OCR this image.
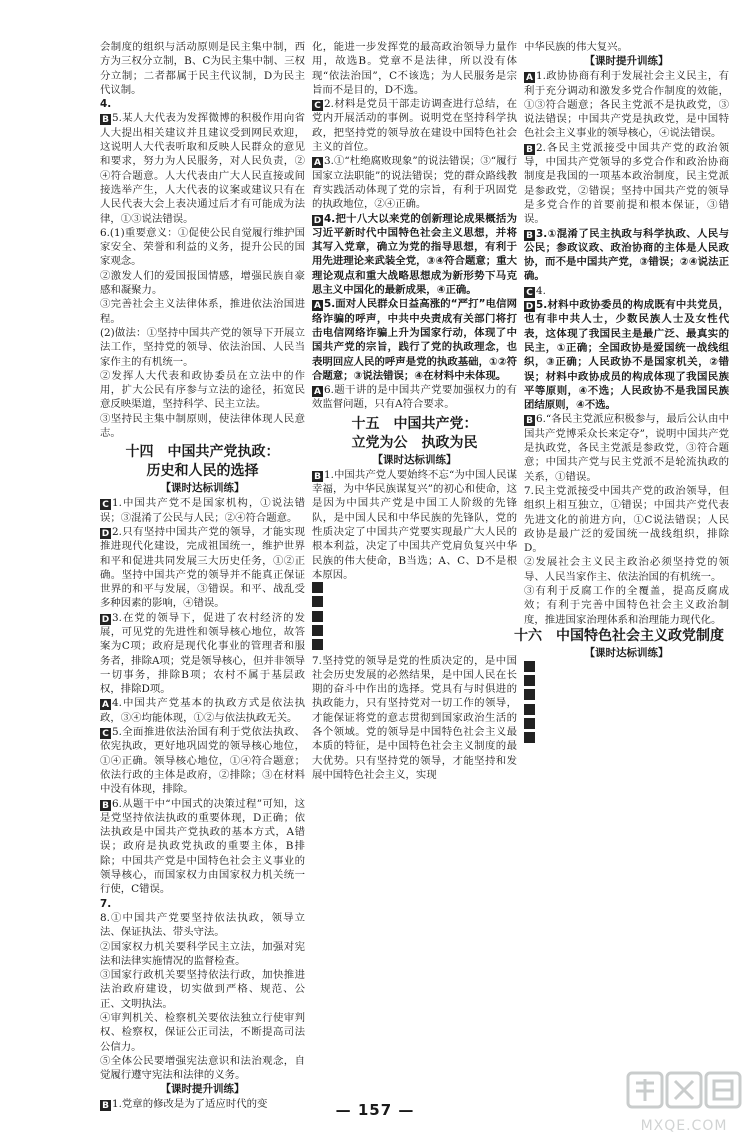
会制度的组织与活动原则是民主集中制，西方为三权分立制，B、C为民主集中制、三权分立制；二者都属于民主代议制，D为民主代议制。

4.

B 5.某人大代表为发挥微博的积极作用向省人大提出相关建议并且建议受到网民欢迎，这说明人大代表听取和反映人民群众的意见和要求，努力为人民服务，对人民负责，②④符合题意。人大代表由广大人民直接或间接选举产生，人大代表的议案或建议只有在人民代表大会上表决通过后才有可能成为法律，①③说法错误。

6.(1)重要意义：①促使公民自觉履行维护国家安全、荣誉和利益的义务，提升公民的国家观念。

②激发人们的爱国报国情感，增强民族自豪感和凝聚力。

③完善社会主义法律体系，推进依法治国进程。

(2)做法：①坚持中国共产党的领导下开展立法工作，坚持党的领导、依法治国、人民当家作主的有机统一。

②发挥人大代表和政协委员在立法中的作用，扩大公民有序参与立法的途径，拓宽民意反映渠道，坚持科学、民主立法。

③坚持民主集中制原则，使法律体现人民意志。

十四　中国共产党执政：
历史和人民的选择
【课时达标训练】

C 1.中国共产党不是国家机构，①说法错误；③混淆了公民与人民；②④符合题意。

D 2.只有坚持中国共产党的领导，才能实现推进现代化建设，完成祖国统一，维护世界和平和促进共同发展三大历史任务，①②正确。坚持中国共产党的领导并不能真正保证世界的和平与发展，③错误。和平、战乱受多种因素的影响，④错误。

D 3.在党的领导下，促进了农村经济的发展，可见党的先进性和领导核心地位，故答案为C项；政府是现代化事业的管理者和服务者，排除A项；党是领导核心，但并非领导一切事务，排除B项；农村不属于基层政权，排除D项。

A 4.中国共产党基本的执政方式是依法执政，③④均能体现，①②与依法执政无关。

C 5.全面推进依法治国有利于党依法执政、依宪执政，更好地巩固党的领导核心地位，①④正确。领导核心地位，①④符合题意；依法行政的主体是政府，②排除；③在材料中没有体现，排除。

B 6.从题干中“中国式的决策过程”可知，这是党坚持依法执政的重要体现，D正确；依法执政是中国共产党执政的基本方式，A错误；政府是执政党执政的重要主体，B排除；中国共产党是中国特色社会主义事业的领导核心，而国家权力由国家权力机关统一行使，C错误。

7.

8.①中国共产党要坚持依法执政，领导立法、保证执法、带头守法。

②国家权力机关要科学民主立法，加强对宪法和法律实施情况的监督检查。

③国家行政机关要坚持依法行政，加快推进法治政府建设，切实做到严格、规范、公正、文明执法。

④审判机关、检察机关要依法独立行使审判权、检察权，保证公正司法，不断提高司法公信力。

⑤全体公民要增强宪法意识和法治观念，自觉履行遵守宪法和法律的义务。

【课时提升训练】

B 1.党章的修改是为了适应时代的变

化，能进一步发挥党的最高政治领导力量作用，故选B。党章不是法律，所以没有体现“依法治国”，C不该选；为人民服务是宗旨而不是目的，D不选。

C 2.材料是党员干部走访调查进行总结，在党内开展活动的事例。说明党在坚持科学执政，把坚持党的领导放在建设中国特色社会主义的首位。

A 3.①“杜绝腐败现象”的说法错误；③“履行国家立法职能”的说法错误；党的群众路线教育实践活动体现了党的宗旨，有利于巩固党的执政地位，②④正确。

D 4.把十八大以来党的创新理论成果概括为习近平新时代中国特色社会主义思想，并将其写入党章，确立为党的指导思想，有利于用先进理论来武装全党，③④符合题意；重大理论观点和重大战略思想成为新形势下马克思主义中国化的最新成果，④正确。

A 5.面对人民群众日益高涨的“严打”电信网络诈骗的呼声，中共中央责成有关部门将打击电信网络诈骗上升为国家行动，体现了中国共产党的宗旨，践行了党的执政理念，也表明回应人民的呼声是党的执政基础，①②符合题意；③说法错误；④在材料中未体现。

A 6.题干讲的是中国共产党要加强权力的有效监督问题，只有A符合要求。

十五　中国共产党：
立党为公　执政为民
【课时达标训练】

B 1.中国共产党人要始终不忘“为中国人民谋幸福，为中华民族谋复兴”的初心和使命，这是因为中国共产党是中国工人阶级的先锋队，是中国人民和中华民族的先锋队，党的性质决定了中国共产党要实现最广大人民的根本利益，决定了中国共产党肩负复兴中华民族的伟大使命，B当选；A、C、D不是根本原因。

7.坚持党的领导是党的性质决定的，是中国社会历史发展的必然结果，是中国人民在长期的奋斗中作出的选择。党具有与时俱进的执政能力，只有坚持党对一切工作的领导，才能保证将党的意志贯彻到国家政治生活的各个领域。党的领导是中国特色社会主义最本质的特征，是中国特色社会主义制度的最大优势。只有坚持党的领导，才能坚持和发展中国特色社会主义，实现

中华民族的伟大复兴。

【课时提升训练】

A 1.政协协商有利于发展社会主义民主，有利于充分调动和激发多党合作制度的效能，①③符合题意；各民主党派不是执政党，③说法错误；中国共产党是执政党，是中国特色社会主义事业的领导核心，④说法错误。

B 2.各民主党派接受中国共产党的政治领导，中国共产党领导的多党合作和政治协商制度是我国的一项基本政治制度，民主党派是参政党，②错误；坚持中国共产党的领导是多党合作的首要前提和根本保证，③错误。

B 3.①混淆了民主执政与科学执政、人民与公民；参政议政、政治协商的主体是人民政协，而不是中国共产党，③错误；②④说法正确。

C 4.

D 5.材料中政协委员的构成既有中共党员，也有非中共人士，少数民族人士及女性代表，这体现了我国民主是最广泛、最真实的民主，①正确；全国政协是爱国统一战线组织，③正确；人民政协不是国家机关，②错误；材料中政协成员的构成体现了我国民族平等原则，④不选；人民政协不是我国民族团结原则，④不选。

B 6.“各民主党派应积极参与，最后公认由中国共产党博采众长来定夺”，说明中国共产党是执政党，各民主党派是参政党，③符合题意；中国共产党与民主党派不是轮流执政的关系，①错误。

7.民主党派接受中国共产党的政治领导，但组织上相互独立，①错误；中国共产党代表先进文化的前进方向，①C说法错误；人民政协是最广泛的爱国统一战线组织，排除D。

②发展社会主义民主政治必须坚持党的领导、人民当家作主、依法治国的有机统一。

③有利于反腐工作的全覆盖，提高反腐成效；有利于完善中国特色社会主义政治制度，推进国家治理体系和治理能力现代化。

十六　中国特色社会主义政党制度
【课时达标训练】

— 157 —
MXQE.COM
